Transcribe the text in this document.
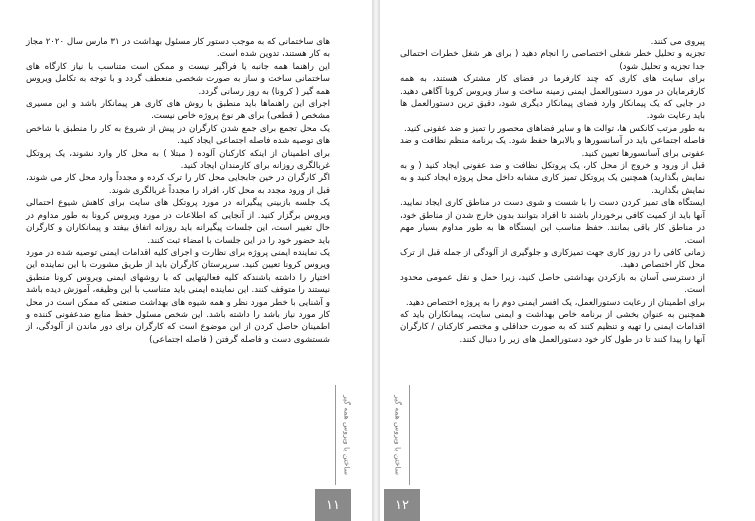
های ساختمانی که به موجب دستور کار مسئول بهداشت در ۳۱ مارس سال ۲۰۲۰ مجاز به کار هستند، تدوین شده است.

این راهنما همه جانبه یا فراگیر نیست و ممکن است متناسب با نیاز کارگاه های ساختمانی ساخت و ساز به صورت شخصی منعطف گردد و با توجه به تکامل ویروس همه گیر ( کرونا) به روز رسانی گردد.

اجرای این راهنماها باید منطبق با روش های کاری هر پیمانکار باشد و این مسیری مشخص ( قطعی) برای هر نوع پروژه خاص نیست.

یک محل تجمع برای جمع شدن کارگران در پیش از شروع به کار را منطبق با شاخص های توصیه شده فاصله اجتماعی ایجاد کنید.

برای اطمینان از اینکه کارکنان آلوده ( مبتلا ) به محل کار وارد نشوند، یک پروتکل غربالگری روزانه برای کارمندان ایجاد کنید.

اگر کارگران در حین جابجایی محل کار را ترک کرده و مجدداً وارد محل کار می شوند، قبل از ورود مجدد به محل کار، افراد را مجدداً غربالگری شوند.

یک جلسه بازبینی پیگیرانه در مورد پروتکل های سایت برای کاهش شیوع احتمالی ویروس برگزار کنید. از آنجایی که اطلاعات در مورد ویروس کرونا به طور مداوم در حال تغییر است، این جلسات پیگیرانه باید روزانه اتفاق بیفتد و پیمانکاران و کارگران باید حضور خود را در این جلسات با امضاء ثبت کنند.

یک نماینده ایمنی پروژه برای نظارت و اجرای کلیه اقدامات ایمنی توصیه شده در مورد ویروس کرونا تعیین کنید. سرپرستان کارگران باید از طریق مشورت با این نماینده این اختیار را داشته باشندکه کلیه فعالیتهایی که با روشهای ایمنی ویروس کرونا منطبق نیستند را متوقف کنند. این نماینده ایمنی باید متناسب با این وظیفه، آموزش دیده باشد و آشنایی با خطر مورد نظر و همه شیوه های بهداشت صنعتی که ممکن است در محل کار مورد نیاز باشد را داشته باشد. این شخص مسئول حفظ منابع ضدعفونی کننده و اطمینان حاصل کردن از این موضوع است که کارگران برای دور ماندن از آلودگی، از شستشوی دست و فاصله گرفتن ( فاصله اجتماعی)

پیروی می کنند.

تجزیه و تحلیل خطر شغلی اختصاصی را انجام دهید ( برای هر شغل خطرات احتمالی جدا تجزیه و تحلیل شود)

برای سایت های کاری که چند کارفرما در فضای کار مشترک هستند، به همه کارفرمایان در مورد دستورالعمل ایمنی زمینه ساخت و ساز ویروس کرونا آگاهی دهید. در جایی که یک پیمانکار وارد فضای پیمانکار دیگری شود، دقیق ترین دستورالعمل ها باید رعایت شود.

به طور مرتب کانکس ها، توالت ها و سایر فضاهای محصور را تمیز و ضد عفونی کنید.

فاصله اجتماعی باید در آسانسورها و بالابرها حفظ شود. یک برنامه منظم نظافت و ضد عفونی برای آسانسورها تعیین کنید.

قبل از ورود و خروج از محل کار، یک پروتکل نظافت و ضد عفونی ایجاد کنید ( و به نمایش بگذارید) همچنین یک پروتکل تمیز کاری مشابه داخل محل پروژه ایجاد کنید و به نمایش بگذارید.

ایستگاه های تمیز کردن دست را با شست و شوی دست در مناطق کاری ایجاد نمایید. آنها باید از کمیت کافی برخوردار باشند تا افراد بتوانند بدون خارج شدن از مناطق خود، در مناطق کار باقی بمانند. حفظ مناسب این ایستگاه ها به طور مداوم بسیار مهم است.

زمانی کافی را در روز کاری جهت تمیزکاری و جلوگیری از آلودگی از جمله قبل از ترک محل کار اختصاص دهید.

از دسترسی آسان به بازکردن بهداشتی حاصل کنید، زیرا حمل و نقل عمومی محدود است.

برای اطمینان از رعایت دستورالعمل، یک افسر ایمنی دوم را به پروژه اختصاص دهید.

همچنین به عنوان بخشی از برنامه خاص بهداشت و ایمنی سایت، پیمانکاران باید که اقدامات ایمنی را تهیه و تنظیم کنند که به صورت حداقلی و مختصر کارکنان / کارگران آنها را پیدا کنند تا در طول کار خود دستورالعمل های زیر را دنبال کنند.

ساختن با ویروس همه گیر	ساختن با ویروس همه گیر
۱۱	۱۲
